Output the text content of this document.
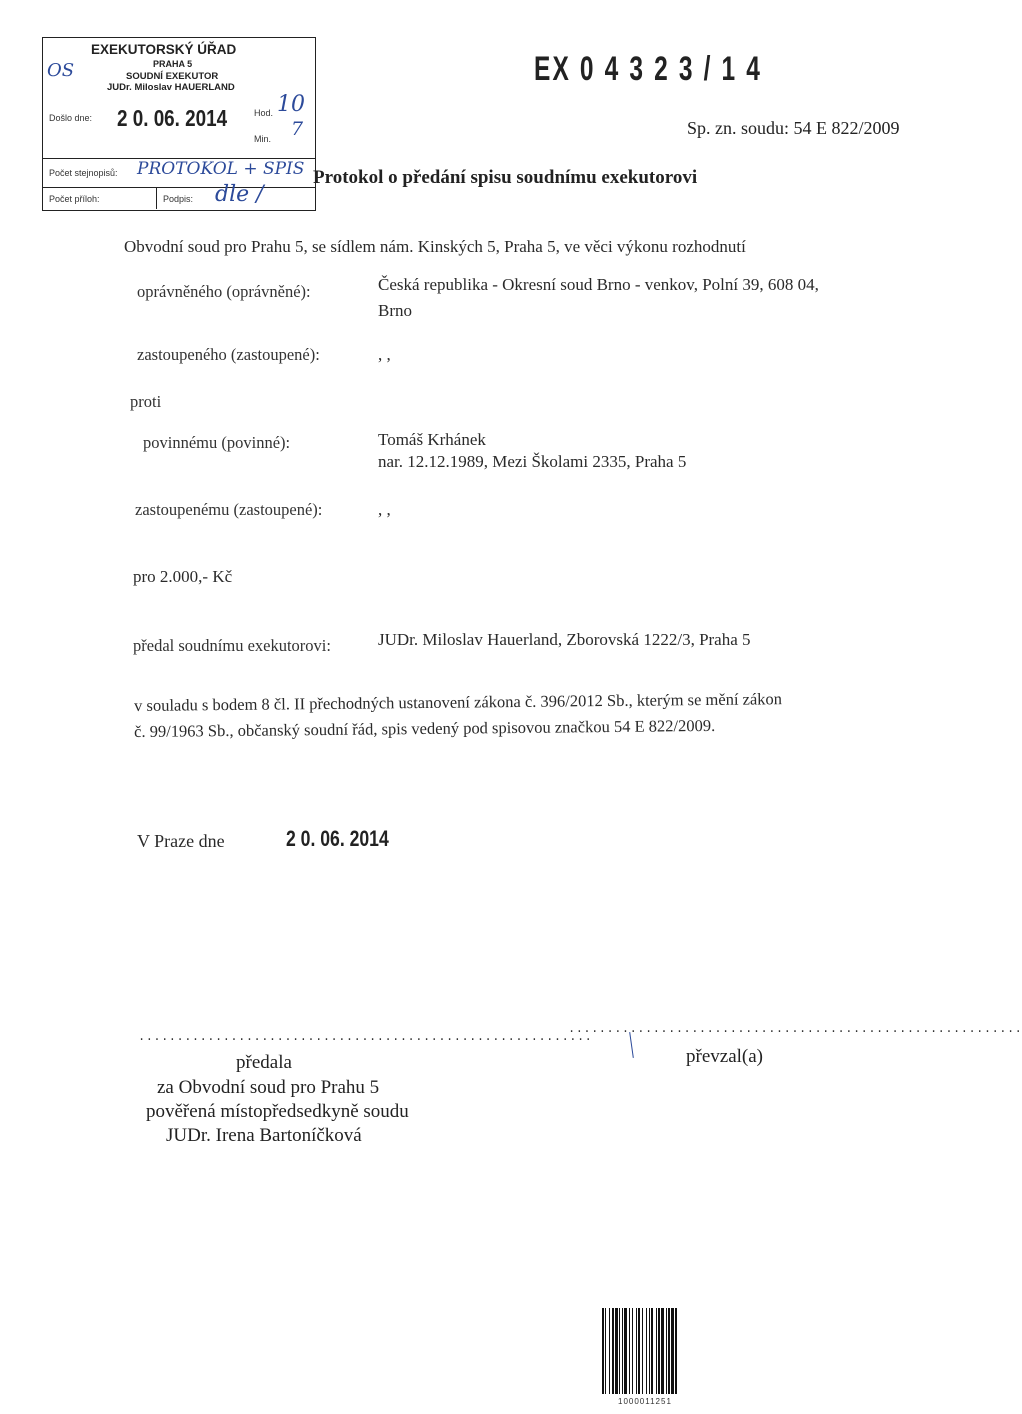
OS
EXEKUTORSKÝ ÚŘAD
PRAHA 5
SOUDNÍ EXEKUTOR
JUDr. Miloslav HAUERLAND
Došlo dne: 2 0. 06. 2014	Hod. 10
Min. 7
Počet stejnopisů: PROTOKOL + SPIS
Počet příloh:	Podpis: dle /
EX 0 4 3 2 3 / 1 4
Sp. zn. soudu: 54 E 822/2009
Protokol o předání spisu soudnímu exekutorovi
Obvodní soud pro Prahu 5, se sídlem nám. Kinských 5, Praha 5, ve věci výkonu rozhodnutí
oprávněného (oprávněné):	Česká republika - Okresní soud Brno - venkov, Polní 39, 608 04,
Brno
zastoupeného (zastoupené):	, ,
proti
povinnému (povinné):	Tomáš Krhánek
nar. 12.12.1989, Mezi Školami 2335, Praha 5
zastoupenému (zastoupené):	, ,
pro 2.000,- Kč
předal soudnímu exekutorovi:	JUDr. Miloslav Hauerland, Zborovská 1222/3, Praha 5
v souladu s bodem 8 čl. II přechodných ustanovení zákona č. 396/2012 Sb., kterým se mění zákon
č. 99/1963 Sb., občanský soudní řád, spis vedený pod spisovou značkou 54 E 822/2009.
V Praze dne	2 0. 06. 2014
...........................................................
předala
za Obvodní soud pro Prahu 5
pověřená místopředsedkyně soudu
JUDr. Irena Bartoníčková
...........................................................
převzal(a)
1000011251
